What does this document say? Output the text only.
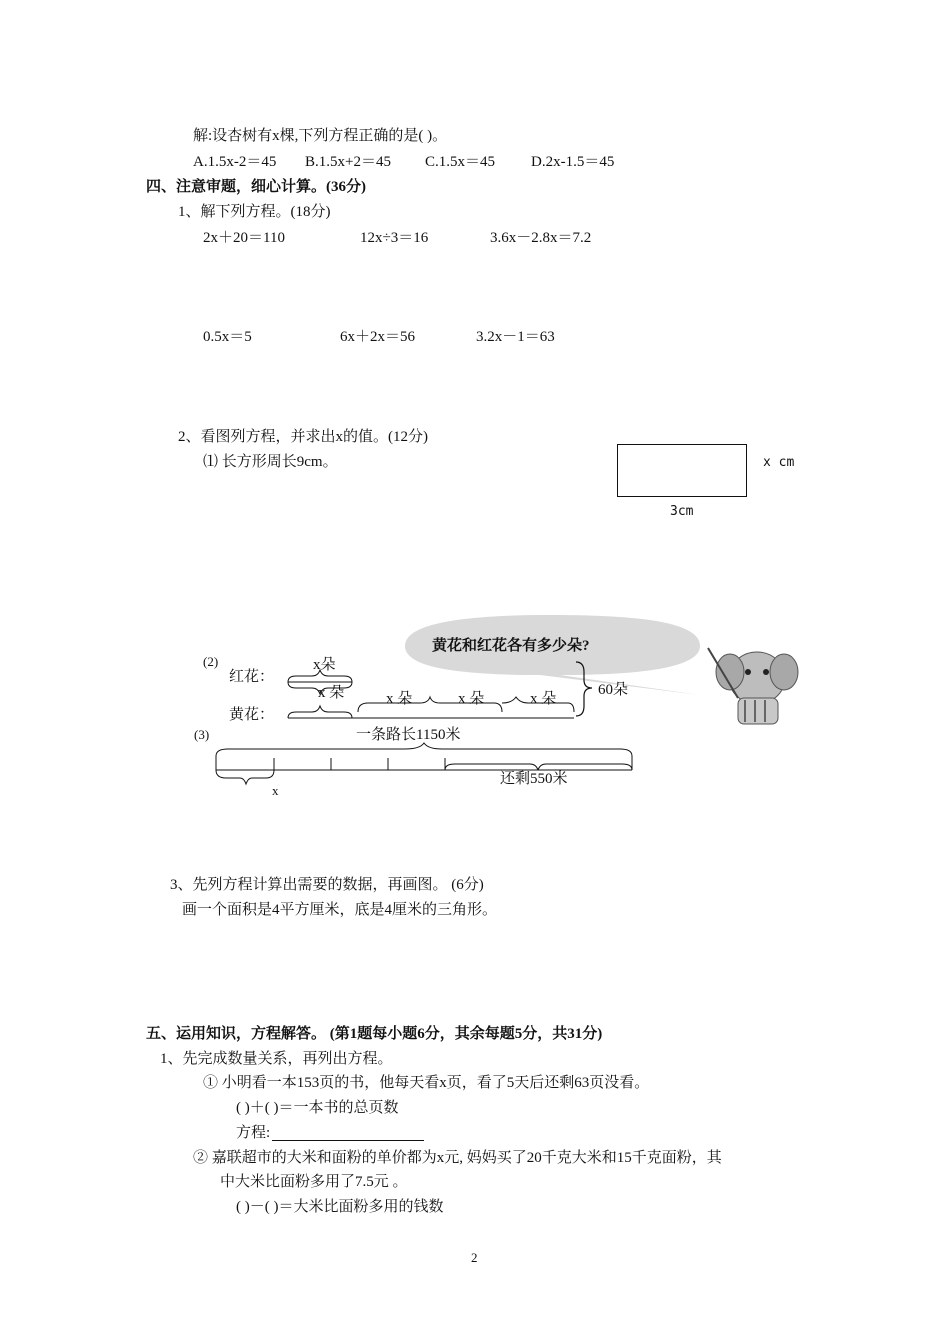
解:设杏树有x棵,下列方程正确的是( )。
A.1.5x-2＝45 B.1.5x+2＝45 C.1.5x＝45 D.2x-1.5＝45
四、注意审题，细心计算。(36分)
1、解下列方程。(18分)
2x＋20＝110	12x÷3＝16	3.6x－2.8x＝7.2
0.5x＝5	6x＋2x＝56	3.2x－1＝63
2、看图列方程，并求出x的值。(12分)
⑴ 长方形周长9cm。	x cm
3cm
黄花和红花各有多少朵?
(2)
红花：
黄花：
x朵
x 朵	x 朵	x 朵	x 朵
60朵
(3)	一条路长1150米
还剩550米
x
3、先列方程计算出需要的数据，再画图。 (6分)
画一个面积是4平方厘米，底是4厘米的三角形。
五、运用知识，方程解答。 (第1题每小题6分，其余每题5分，共31分)
1、先完成数量关系，再列出方程。
① 小明看一本153页的书，他每天看x页，看了5天后还剩63页没看。
( )＋( )＝一本书的总页数
方程:
② 嘉联超市的大米和面粉的单价都为x元, 妈妈买了20千克大米和15千克面粉，其
中大米比面粉多用了7.5元 。
( )－( )＝大米比面粉多用的钱数
2
